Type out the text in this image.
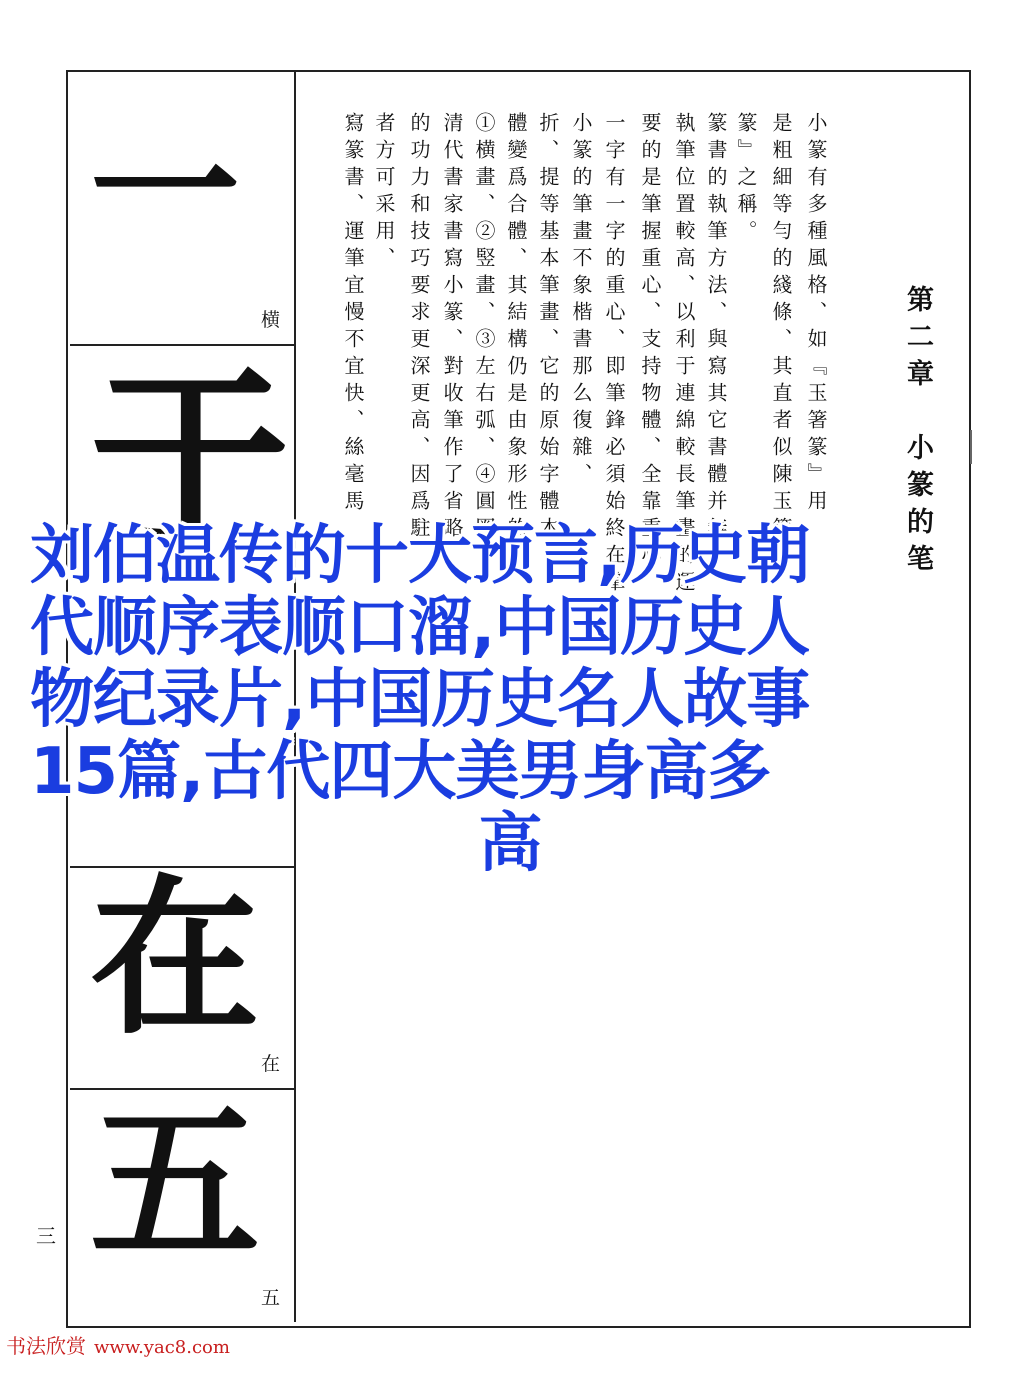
一
横
于
在
在
五
五
三
第二章　小篆的笔
小篆有多種風格、如『玉箸篆』用
是粗細等勻的綫條、其直者似陳玉箸、
篆』之稱。
執筆位置較高、以利于連綿較長筆畫的運 篆書的執筆方法、與寫其它書體并無
要的是筆握重心、支持物體、全靠重心、
一字有一字的重心、即筆鋒必須始終在筆
小篆的筆畫不象楷書那么復雜、
折、提等基本筆畫、它的原始字體本
①横畫、②竪畫、③左右弧、④圓圈 體變爲合體、其結構仍是由象形性的
清代書家書寫小篆、對收筆作了省略
的功力和技巧要求更深更高、因爲駐
者方可采用、
寫篆書、運筆宜慢不宜快、絲毫馬
刘伯温传的十大预言,历史朝
代顺序表顺口溜,中国历史人
物纪录片,中国历史名人故事
15篇,古代四大美男身高多
高
书法欣赏 www.yac8.com
